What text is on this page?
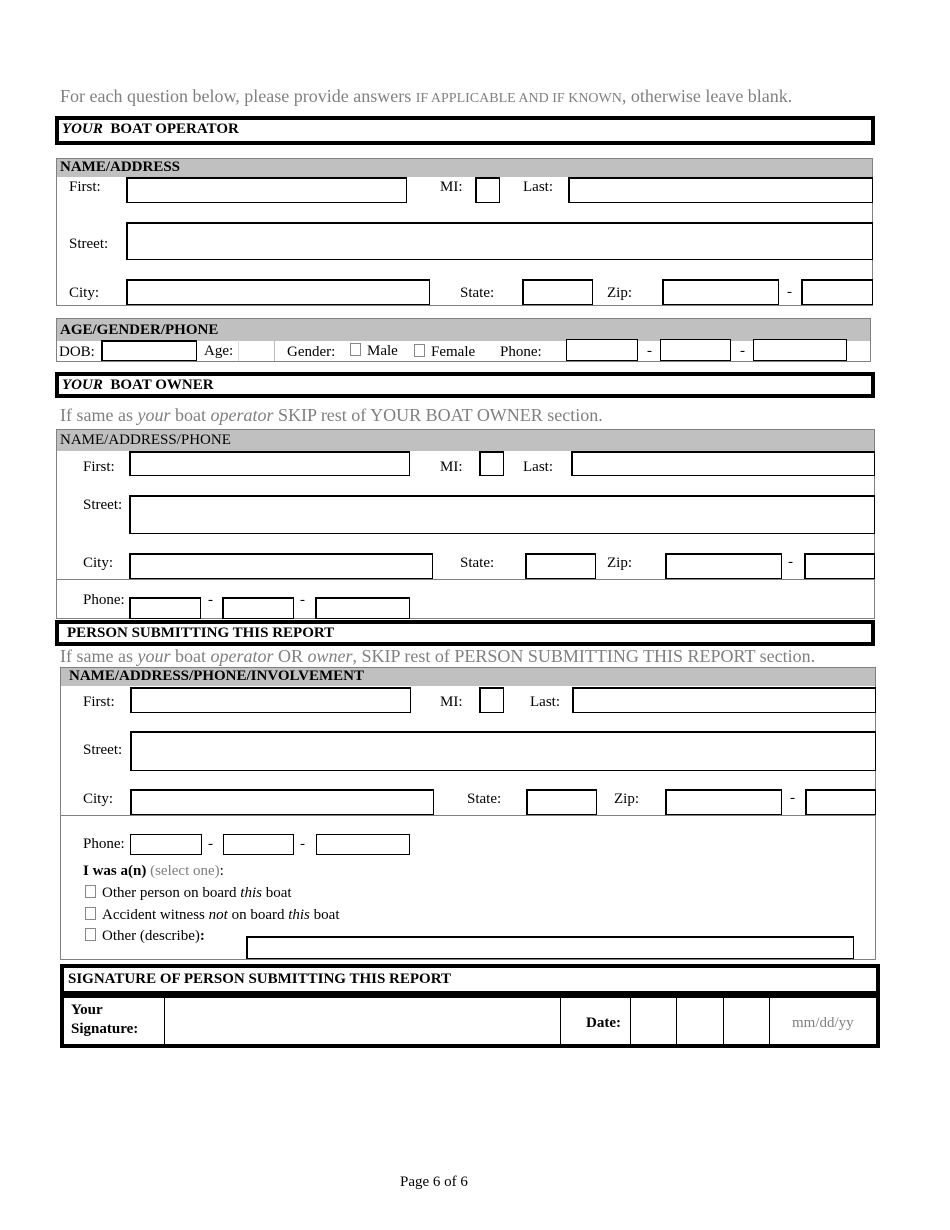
For each question below, please provide answers IF APPLICABLE AND IF KNOWN, otherwise leave blank.
YOUR BOAT OPERATOR
NAME/ADDRESS
First:	MI:	Last:
Street:
City:	State:	Zip:	-
AGE/GENDER/PHONE
DOB:	Age:	Gender:	Male	Female Phone:	-	-
YOUR BOAT OWNER
If same as your boat operator SKIP rest of YOUR BOAT OWNER section.
NAME/ADDRESS/PHONE
First:	MI:	Last:
Street:
City:	State:	Zip:	-
Phone:	-	-
PERSON SUBMITTING THIS REPORT
If same as your boat operator OR owner, SKIP rest of PERSON SUBMITTING THIS REPORT section.
NAME/ADDRESS/PHONE/INVOLVEMENT
First:	MI:	Last:
Street:
City:	State:	Zip:	-
Phone:	-	-
I was a(n) (select one):
Other person on board this boat
Accident witness not on board this boat
Other (describe):
SIGNATURE OF PERSON SUBMITTING THIS REPORT
Your
Signature:	Date:	mm/dd/yy
Page 6 of 6
